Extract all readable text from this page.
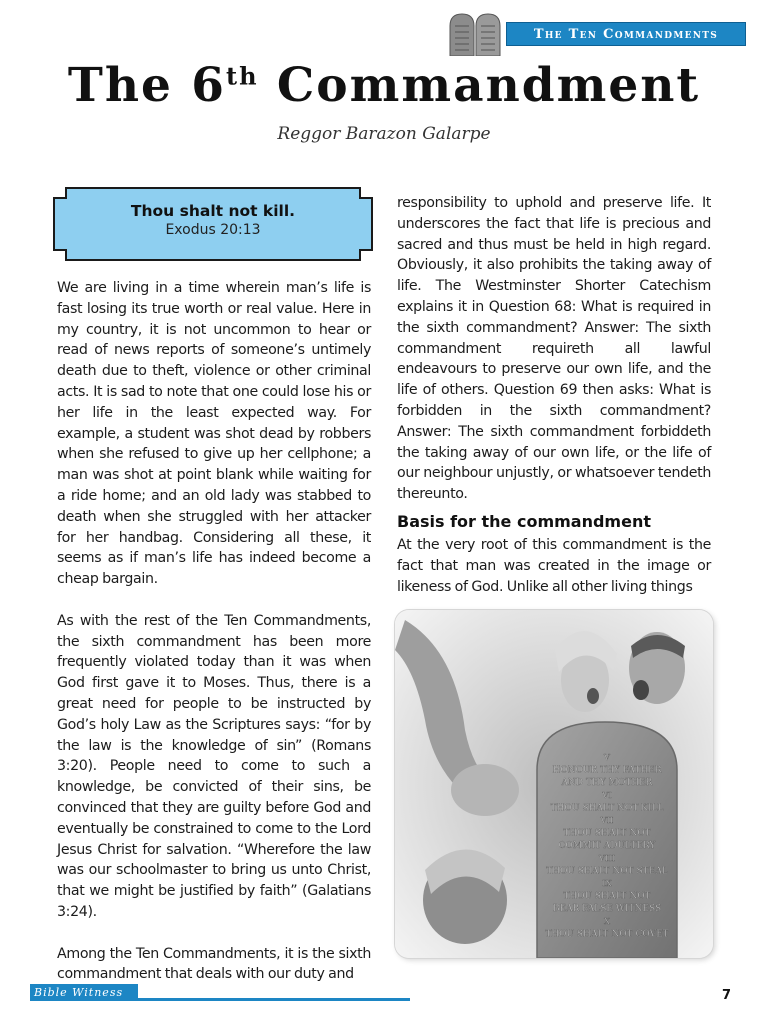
The Ten Commandments
The 6th Commandment
Reggor Barazon Galarpe
Thou shalt not kill.
Exodus 20:13

We are living in a time wherein man’s life is fast losing its true worth or real value. Here in my country, it is not uncommon to hear or read of news reports of someone’s untimely death due to theft, violence or other criminal acts. It is sad to note that one could lose his or her life in the least expected way. For example, a student was shot dead by robbers when she refused to give up her cellphone; a man was shot at point blank while waiting for a ride home; and an old lady was stabbed to death when she struggled with her attacker for her handbag. Considering all these, it seems as if man’s life has indeed become a cheap bargain.

As with the rest of the Ten Commandments, the sixth commandment has been more frequently violated today than it was when God first gave it to Moses. Thus, there is a great need for people to be instructed by God’s holy Law as the Scriptures says: “for by the law is the knowledge of sin” (Romans 3:20). People need to come to such a knowledge, be convicted of their sins, be convinced that they are guilty before God and eventually be constrained to come to the Lord Jesus Christ for salvation. “Wherefore the law was our schoolmaster to bring us unto Christ, that we might be justified by faith” (Galatians 3:24).

Among the Ten Commandments, it is the sixth commandment that deals with our duty and

responsibility to uphold and preserve life. It underscores the fact that life is precious and sacred and thus must be held in high regard. Obviously, it also prohibits the taking away of life. The Westminster Shorter Catechism explains it in Question 68: What is required in the sixth commandment? Answer: The sixth commandment requireth all lawful endeavours to preserve our own life, and the life of others. Question 69 then asks: What is forbidden in the sixth commandment? Answer: The sixth commandment forbiddeth the taking away of our own life, or the life of our neighbour unjustly, or whatsoever tendeth thereunto.

Basis for the commandment

At the very root of this commandment is the fact that man was created in the image or likeness of God. Unlike all other living things

V
HONOUR THY FATHER
AND THY MOTHER
VI
THOU SHALT NOT KILL
VII
THOU SHALT NOT
COMMIT ADULTERY
VIII
THOU SHALT NOT STEAL
IX
THOU SHALT NOT
BEAR FALSE WITNESS
X
THOU SHALT NOT COVET
Bible Witness	7
